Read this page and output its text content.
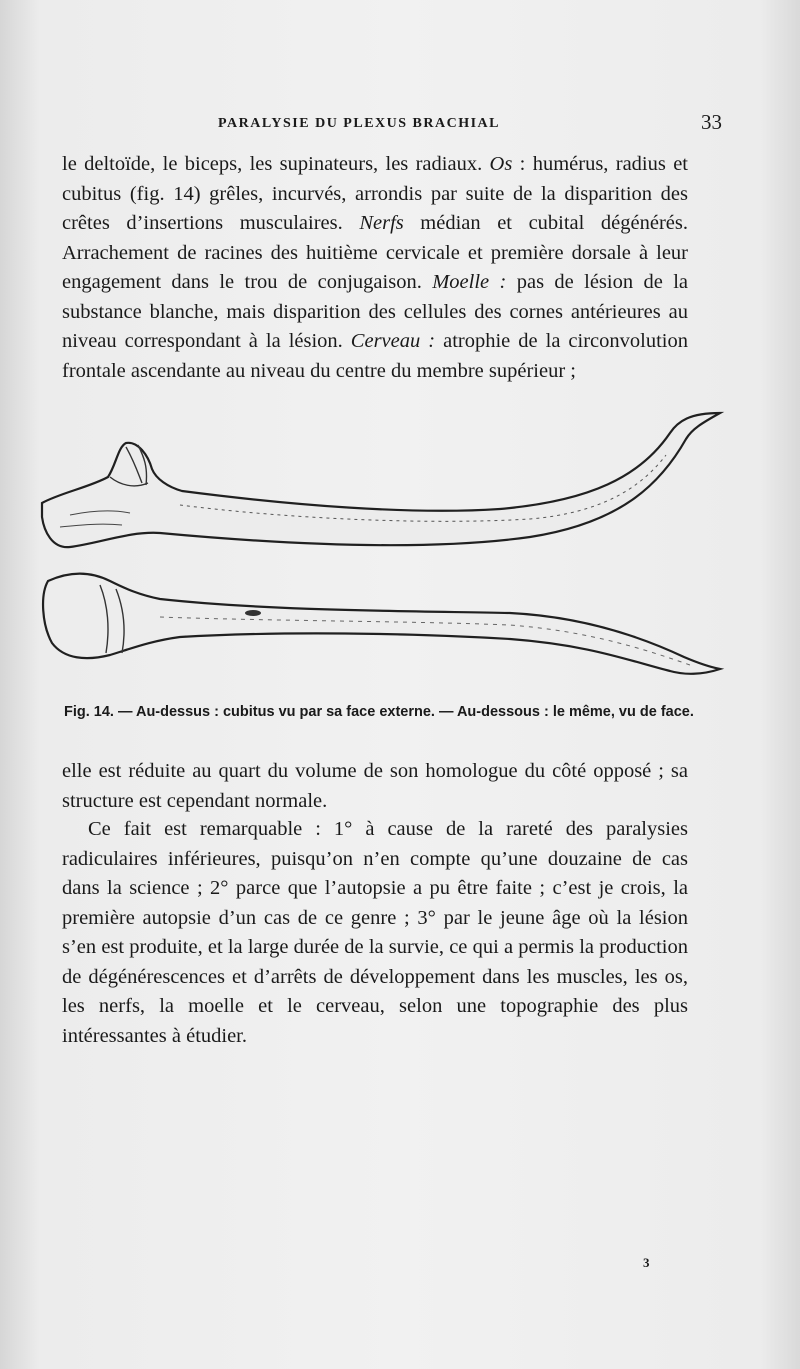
PARALYSIE DU PLEXUS BRACHIAL	33

le deltoïde, le biceps, les supinateurs, les radiaux. Os : humérus, radius et cubitus (fig. 14) grêles, incurvés, arrondis par suite de la disparition des crêtes d’insertions musculaires. Nerfs médian et cubital dégénérés. Arrachement de racines des huitième cervicale et première dorsale à leur engagement dans le trou de conjugaison. Moelle : pas de lésion de la substance blanche, mais disparition des cellules des cornes antérieures au niveau correspondant à la lésion. Cerveau : atrophie de la circonvolution frontale ascendante au niveau du centre du membre supérieur ;

Fig. 14. — Au-dessus : cubitus vu par sa face externe. — Au-dessous : le même, vu de face.

elle est réduite au quart du volume de son homologue du côté opposé ; sa structure est cependant normale.

Ce fait est remarquable : 1° à cause de la rareté des paralysies radiculaires inférieures, puisqu’on n’en compte qu’une douzaine de cas dans la science ; 2° parce que l’autopsie a pu être faite ; c’est je crois, la première autopsie d’un cas de ce genre ; 3° par le jeune âge où la lésion s’en est produite, et la large durée de la survie, ce qui a permis la production de dégénérescences et d’arrêts de développement dans les muscles, les os, les nerfs, la moelle et le cerveau, selon une topographie des plus intéressantes à étudier.

3
